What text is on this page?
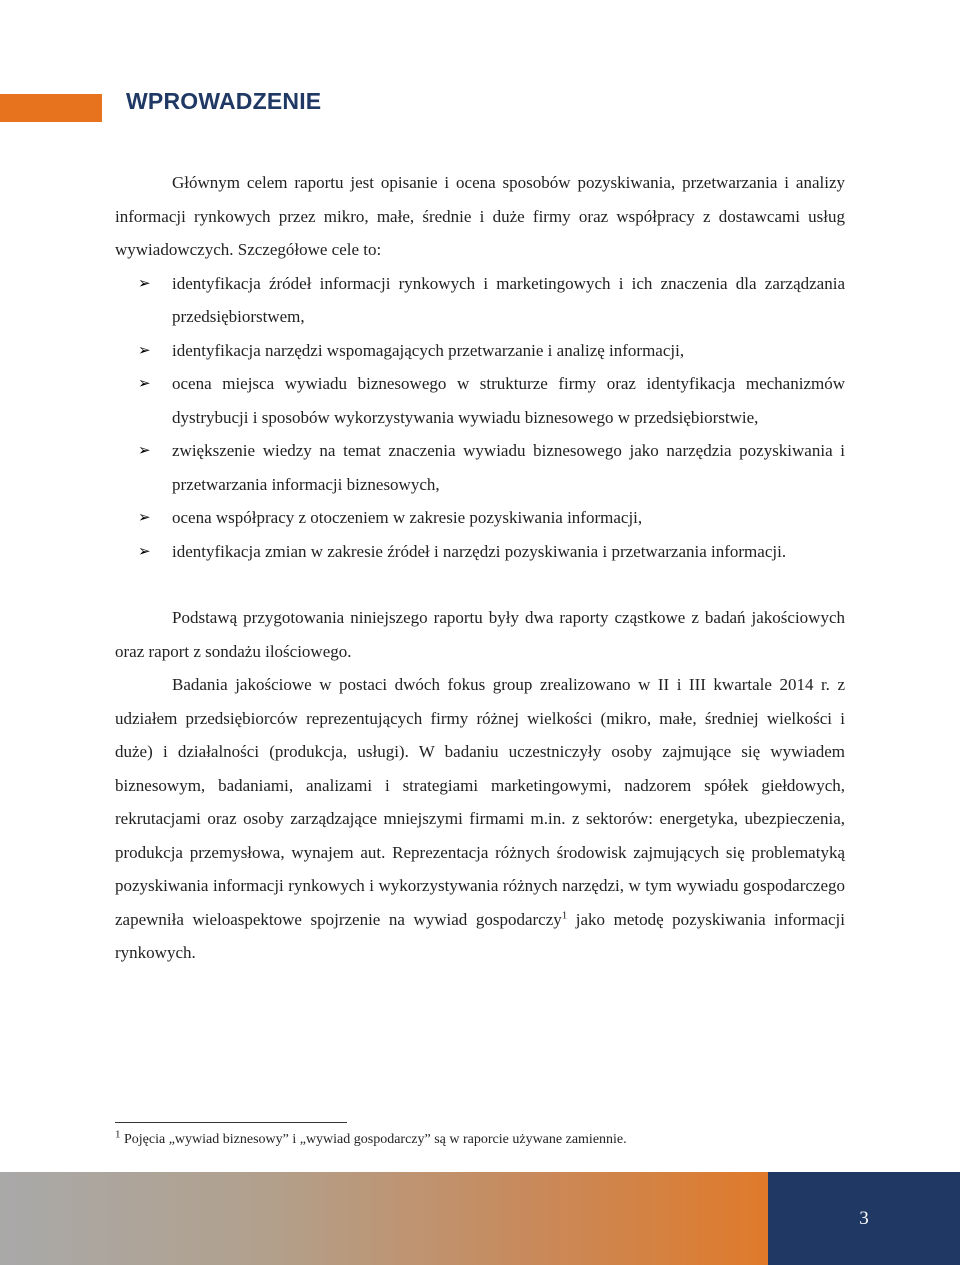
WPROWADZENIE

Głównym celem raportu jest opisanie i ocena sposobów pozyskiwania, przetwarzania i analizy informacji rynkowych przez mikro, małe, średnie i duże firmy oraz współpracy z dostawcami usług wywiadowczych. Szczegółowe cele to:

➢ identyfikacja źródeł informacji rynkowych i marketingowych i ich znaczenia dla zarządzania przedsiębiorstwem,
➢ identyfikacja narzędzi wspomagających przetwarzanie i analizę informacji,
➢ ocena miejsca wywiadu biznesowego w strukturze firmy oraz identyfikacja mechanizmów dystrybucji i sposobów wykorzystywania wywiadu biznesowego w przedsiębiorstwie,
➢ zwiększenie wiedzy na temat znaczenia wywiadu biznesowego jako narzędzia pozyskiwania i przetwarzania informacji biznesowych,
➢ ocena współpracy z otoczeniem w zakresie pozyskiwania informacji,
➢ identyfikacja zmian w zakresie źródeł i narzędzi pozyskiwania i przetwarzania informacji.

Podstawą przygotowania niniejszego raportu były dwa raporty cząstkowe z badań jakościowych oraz raport z sondażu ilościowego.

Badania jakościowe w postaci dwóch fokus group zrealizowano w II i III kwartale 2014 r. z udziałem przedsiębiorców reprezentujących firmy różnej wielkości (mikro, małe, średniej wielkości i duże) i działalności (produkcja, usługi). W badaniu uczestniczyły osoby zajmujące się wywiadem biznesowym, badaniami, analizami i strategiami marketingowymi, nadzorem spółek giełdowych, rekrutacjami oraz osoby zarządzające mniejszymi firmami m.in. z sektorów: energetyka, ubezpieczenia, produkcja przemysłowa, wynajem aut. Reprezentacja różnych środowisk zajmujących się problematyką pozyskiwania informacji rynkowych i wykorzystywania różnych narzędzi, w tym wywiadu gospodarczego zapewniła wieloaspektowe spojrzenie na wywiad gospodarczy$^1$ jako metodę pozyskiwania informacji rynkowych.

$^1$ Pojęcia „wywiad biznesowy” i „wywiad gospodarczy” są w raporcie używane zamiennie.
3
